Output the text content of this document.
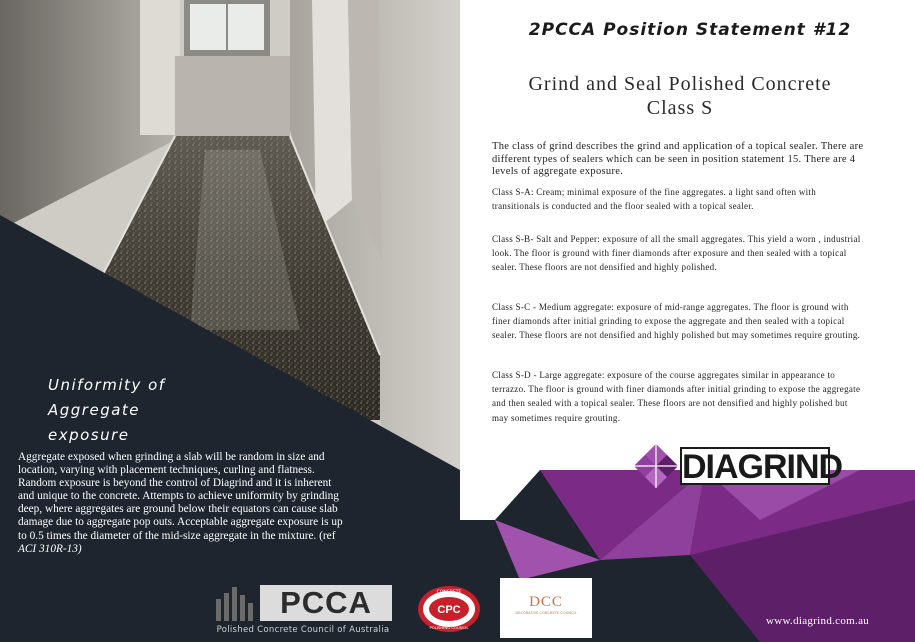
2PCCA Position Statement #12
Grind and Seal Polished Concrete
Class S
The class of grind describes the grind and application of a topical sealer. There are different types of sealers which can be seen in position statement 15. There are 4 levels of aggregate exposure.
Class S-A: Cream; minimal exposure of the fine aggregates. a light sand often with transitionals is conducted and the floor sealed with a topical sealer.
Class S-B- Salt and Pepper: exposure of all the small aggregates. This yield a worn , industrial look. The floor is ground with finer diamonds after exposure and then sealed with a topical sealer. These floors are not densified and highly polished.
Class S-C - Medium aggregate: exposure of mid-range aggregates. The floor is ground with finer diamonds after initial grinding to expose the aggregate and then sealed with a topical sealer. These floors are not densified and highly polished but may sometimes require grouting.
Class S-D - Large aggregate: exposure of the course aggregates similar in appearance to terrazzo. The floor is ground with finer diamonds after initial grinding to expose the aggregate and then sealed with a topical sealer. These floors are not densified and highly polished but may sometimes require grouting.
DIAGRIND
Uniformity of
Aggregate
exposure
Aggregate exposed when grinding a slab will be random in size and location, varying with placement techniques, curling and flatness. Random exposure is beyond the control of Diagrind and it is inherent and unique to the concrete. Attempts to achieve uniformity by grinding deep, where aggregates are ground below their equators can cause slab damage due to aggregate pop outs. Acceptable aggregate exposure is up to 0.5 times the diameter of the mid-size aggregate in the mixture. (ref ACI 310R-13)
PCCA
Polished Concrete Council of Australia
CPC
CONCRETE
POLISHING COUNCIL
DCC
DECORATIVE CONCRETE COUNCIL
www.diagrind.com.au
